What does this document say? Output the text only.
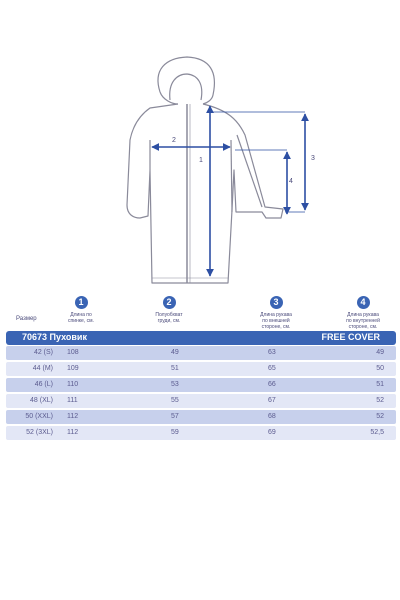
1
2
3
4
Размер
1
Длина по
спинке, см.
2
Полуобхват
груди, см.
3
Длина рукава
по внешней
стороне, см.
4
Длина рукава
по внутренней
стороне, см.
70673 Пуховик	FREE COVER
42 (S) 108	49	63	49
44 (M) 109	51	65	50
46 (L) 110	53	66	51
48 (XL) 111	55	67	52
50 (XXL) 112	57	68	52
52 (3XL) 112	59	69	52,5
